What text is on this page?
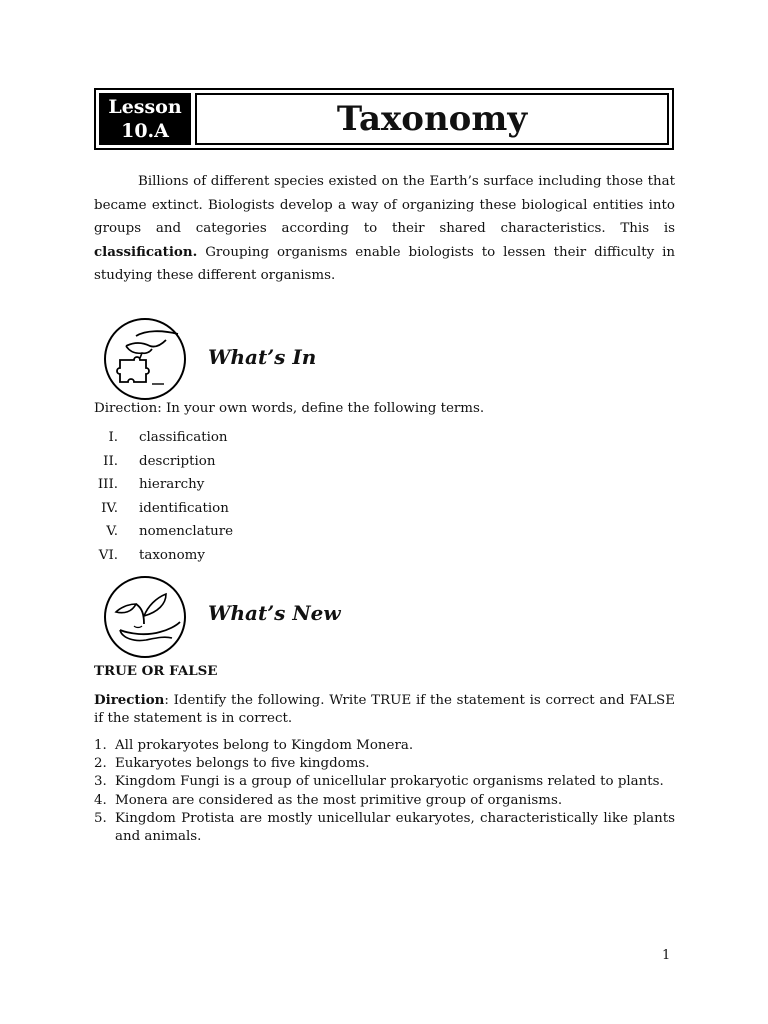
Lesson
10.A	Taxonomy
Billions of different species existed on the Earth’s surface including those that became extinct. Biologists develop a way of organizing these biological entities into groups and categories according to their shared characteristics. This is classification. Grouping organisms enable biologists to lessen their difficulty in studying these different organisms.
What’s In
Direction: In your own words, define the following terms.
I. classification
II. description
III. hierarchy
IV. identification
V. nomenclature
VI. taxonomy
What’s New
TRUE OR FALSE
Direction: Identify the following. Write TRUE if the statement is correct and FALSE if the statement is in correct.
1. All prokaryotes belong to Kingdom Monera.
2. Eukaryotes belongs to five kingdoms.
3. Kingdom Fungi is a group of unicellular prokaryotic organisms related to plants.
4. Monera are considered as the most primitive group of organisms.
5. Kingdom Protista are mostly unicellular eukaryotes, characteristically like plants and animals.
1
